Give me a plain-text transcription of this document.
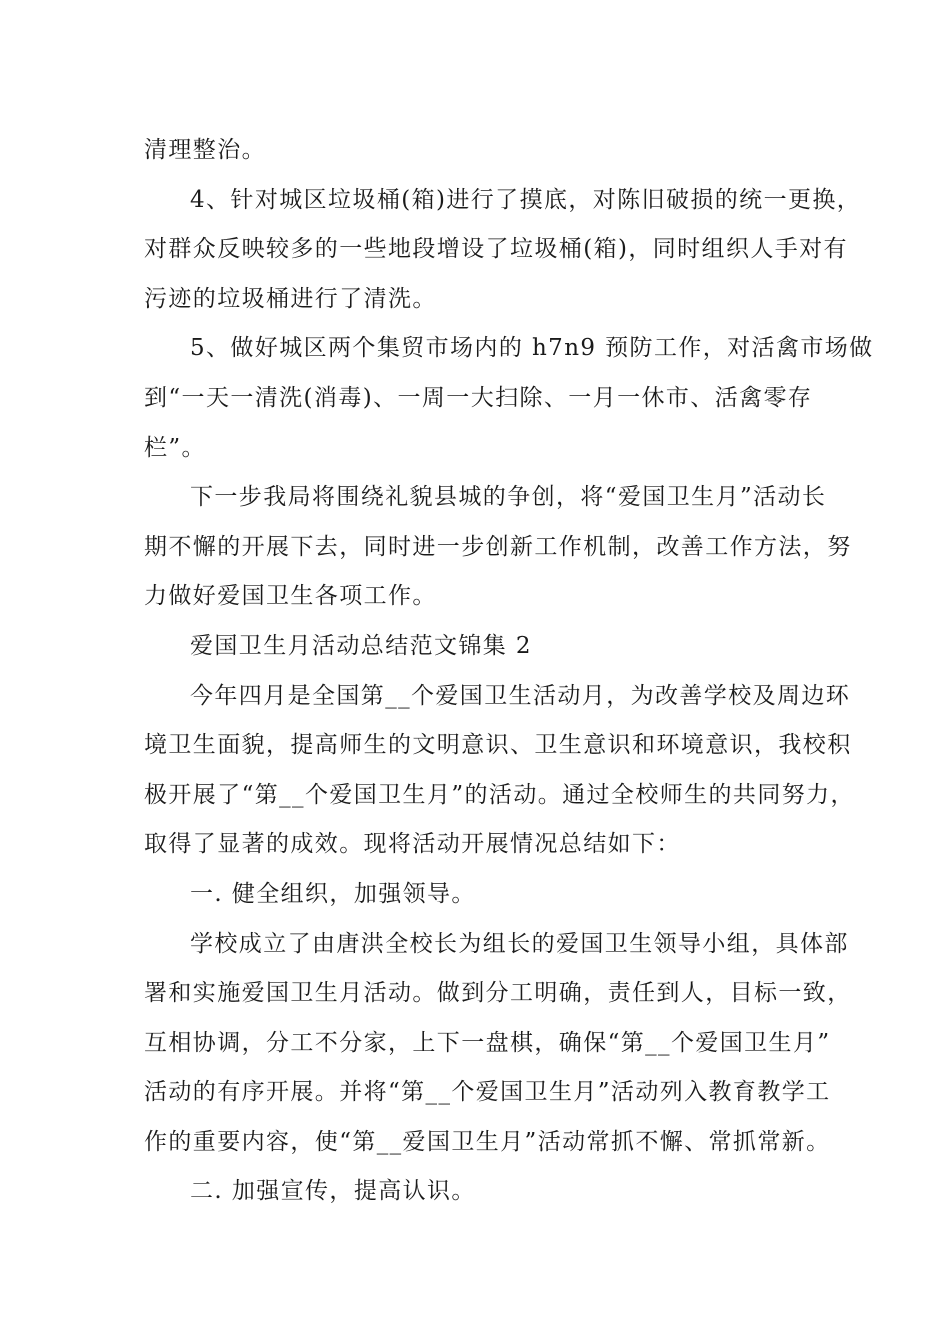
清理整治。
4、针对城区垃圾桶(箱)进行了摸底，对陈旧破损的统一更换，
对群众反映较多的一些地段增设了垃圾桶(箱)，同时组织人手对有
污迹的垃圾桶进行了清洗。
5、做好城区两个集贸市场内的 h7n9 预防工作，对活禽市场做
到“一天一清洗(消毒)、一周一大扫除、一月一休市、活禽零存
栏”。
下一步我局将围绕礼貌县城的争创，将“爱国卫生月”活动长
期不懈的开展下去，同时进一步创新工作机制，改善工作方法，努
力做好爱国卫生各项工作。
爱国卫生月活动总结范文锦集 2
今年四月是全国第__个爱国卫生活动月，为改善学校及周边环
境卫生面貌，提高师生的文明意识、卫生意识和环境意识，我校积
极开展了“第__个爱国卫生月”的活动。通过全校师生的共同努力，
取得了显著的成效。现将活动开展情况总结如下：
一. 健全组织，加强领导。
学校成立了由唐洪全校长为组长的爱国卫生领导小组，具体部
署和实施爱国卫生月活动。做到分工明确，责任到人，目标一致，
互相协调，分工不分家，上下一盘棋，确保“第__个爱国卫生月”
活动的有序开展。并将“第__个爱国卫生月”活动列入教育教学工
作的重要内容，使“第__爱国卫生月”活动常抓不懈、常抓常新。
二. 加强宣传，提高认识。
